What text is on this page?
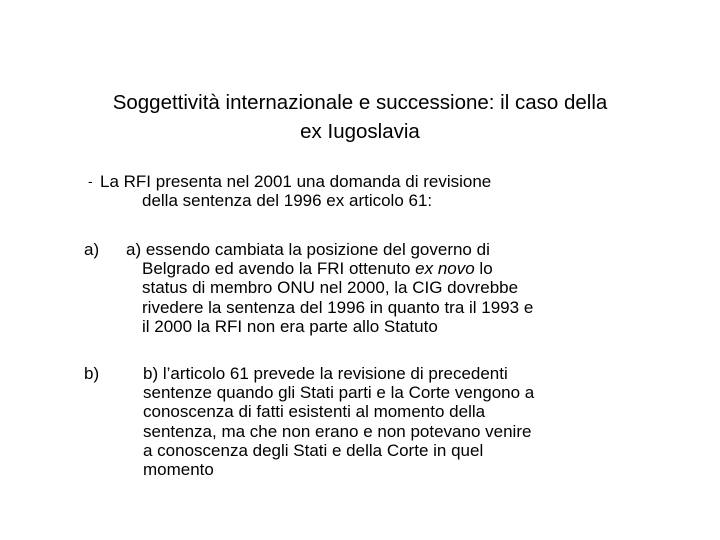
Soggettività internazionale e successione: il caso della
ex Iugoslavia
- La RFI presenta nel 2001 una domanda di revisione
della sentenza del 1996 ex articolo 61:
a) a) essendo cambiata la posizione del governo di
Belgrado ed avendo la FRI ottenuto ex novo lo
status di membro ONU nel 2000, la CIG dovrebbe
rivedere la sentenza del 1996 in quanto tra il 1993 e
il 2000 la RFI non era parte allo Statuto
b)	b) l’articolo 61 prevede la revisione di precedenti
sentenze quando gli Stati parti e la Corte vengono a
conoscenza di fatti esistenti al momento della
sentenza, ma che non erano e non potevano venire
a conoscenza degli Stati e della Corte in quel
momento
